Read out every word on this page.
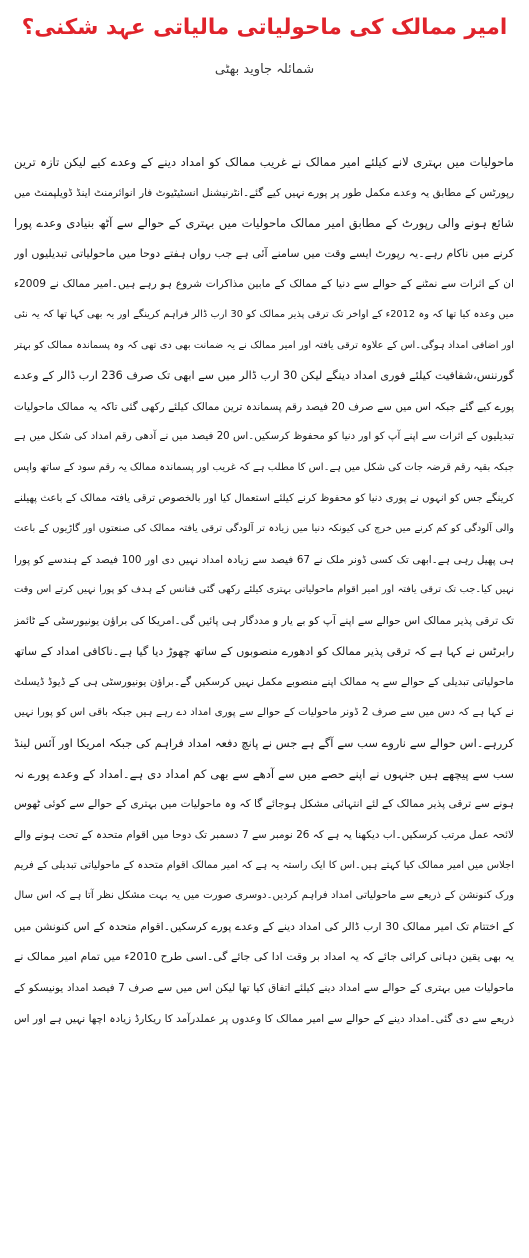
امیر ممالک کی ماحولیاتی مالیاتی عہد شکنی؟
شمائلہ جاوید بھٹی
ماحولیات میں بہتری لانے کیلئے امیر ممالک نے غریب ممالک کو امداد دینے کے وعدے کیے لیکن تازہ ترین
رپورٹس کے مطابق یہ وعدے مکمل طور پر پورے نہیں کیے گئے۔انٹرنیشنل انسٹیٹیوٹ فار انوائرمنٹ اینڈ ڈویلپمنٹ میں
شائع ہونے والی رپورٹ کے مطابق امیر ممالک ماحولیات میں بہتری کے حوالے سے آٹھ بنیادی وعدے پورا
کرنے میں ناکام رہے۔یہ رپورٹ ایسے وقت میں سامنے آئی ہے جب رواں ہفتے دوحا میں ماحولیاتی تبدیلیوں اور
ان کے اثرات سے نمٹنے کے حوالے سے دنیا کے ممالک کے مابین مذاکرات شروع ہو رہے ہیں۔امیر ممالک نے 2009ء
میں وعدہ کیا تھا کہ وہ 2012ء کے اواخر تک ترقی پذیر ممالک کو 30 ارب ڈالر فراہم کرینگے اور یہ بھی کہا تھا کہ یہ نئی
اور اضافی امداد ہوگی۔اس کے علاوہ ترقی یافتہ اور امیر ممالک نے یہ ضمانت بھی دی تھی کہ وہ پسماندہ ممالک کو بہتر
گورننس،شفافیت کیلئے فوری امداد دینگے لیکن 30 ارب ڈالر میں سے ابھی تک صرف 236 ارب ڈالر کے وعدے
پورے کیے گئے جبکہ اس میں سے صرف 20 فیصد رقم پسماندہ ترین ممالک کیلئے رکھی گئی تاکہ یہ ممالک ماحولیات
تبدیلیوں کے اثرات سے اپنے آپ کو اور دنیا کو محفوظ کرسکیں۔اس 20 فیصد میں نے آدھی رقم امداد کی شکل میں ہے
جبکہ بقیہ رقم قرضہ جات کی شکل میں ہے۔اس کا مطلب ہے کہ غریب اور پسماندہ ممالک یہ رقم سود کے ساتھ واپس
کرینگے جس کو انہوں نے پوری دنیا کو محفوظ کرنے کیلئے استعمال کیا اور بالخصوص ترقی یافتہ ممالک کے باعث پھیلنے
والی آلودگی کو کم کرنے میں خرچ کی کیونکہ دنیا میں زیادہ تر آلودگی ترقی یافتہ ممالک کی صنعتوں اور گاڑیوں کے باعث
ہی پھیل رہی ہے۔ابھی تک کسی ڈونر ملک نے 67 فیصد سے زیادہ امداد نہیں دی اور 100 فیصد کے ہندسے کو پورا
نہیں کیا۔جب تک ترقی یافتہ اور امیر اقوام ماحولیاتی بہتری کیلئے رکھی گئی فنانس کے ہدف کو پورا نہیں کرتے اس وقت
تک ترقی پذیر ممالک اس حوالے سے اپنے آپ کو بے یار و مددگار ہی پائیں گی۔امریکا کی براؤن یونیورسٹی کے ٹائمز
رابرٹس نے کہا ہے کہ ترقی پذیر ممالک کو ادھورے منصوبوں کے ساتھ چھوڑ دیا گیا ہے۔ناکافی امداد کے ساتھ
ماحولیاتی تبدیلی کے حوالے سے یہ ممالک اپنے منصوبے مکمل نہیں کرسکیں گے۔براؤن یونیورسٹی ہی کے ڈیوڈ ڈیسلٹ
نے کہا ہے کہ دس میں سے صرف 2 ڈونر ماحولیات کے حوالے سے پوری امداد دے رہے ہیں جبکہ باقی اس کو پورا نہیں
کررہے۔اس حوالے سے ناروے سب سے آگے ہے جس نے پانچ دفعہ امداد فراہم کی جبکہ امریکا اور آئس لینڈ
سب سے پیچھے ہیں جنہوں نے اپنے حصے میں سے آدھے سے بھی کم امداد دی ہے۔امداد کے وعدے پورے نہ
ہونے سے ترقی پذیر ممالک کے لئے انتہائی مشکل ہوجائے گا کہ وہ ماحولیات میں بہتری کے حوالے سے کوئی ٹھوس
لائحہ عمل مرتب کرسکیں۔اب دیکھنا یہ ہے کہ 26 نومبر سے 7 دسمبر تک دوحا میں اقوام متحدہ کے تحت ہونے والے
اجلاس میں امیر ممالک کیا کہتے ہیں۔اس کا ایک راستہ یہ ہے کہ امیر ممالک اقوام متحدہ کے ماحولیاتی تبدیلی کے فریم
ورک کنونشن کے ذریعے سے ماحولیاتی امداد فراہم کردیں۔دوسری صورت میں یہ بہت مشکل نظر آتا ہے کہ اس سال
کے اختتام تک امیر ممالک 30 ارب ڈالر کی امداد دینے کے وعدے پورے کرسکیں۔اقوام متحدہ کے اس کنونشن میں
یہ بھی یقین دہانی کرائی جائے کہ یہ امداد بر وقت ادا کی جائے گی۔اسی طرح 2010ء میں تمام امیر ممالک نے
ماحولیات میں بہتری کے حوالے سے امداد دینے کیلئے اتفاق کیا تھا لیکن اس میں سے صرف 7 فیصد امداد یونیسکو کے
ذریعے سے دی گئی۔امداد دینے کے حوالے سے امیر ممالک کا وعدوں پر عملدرآمد کا ریکارڈ زیادہ اچھا نہیں ہے اور اس
